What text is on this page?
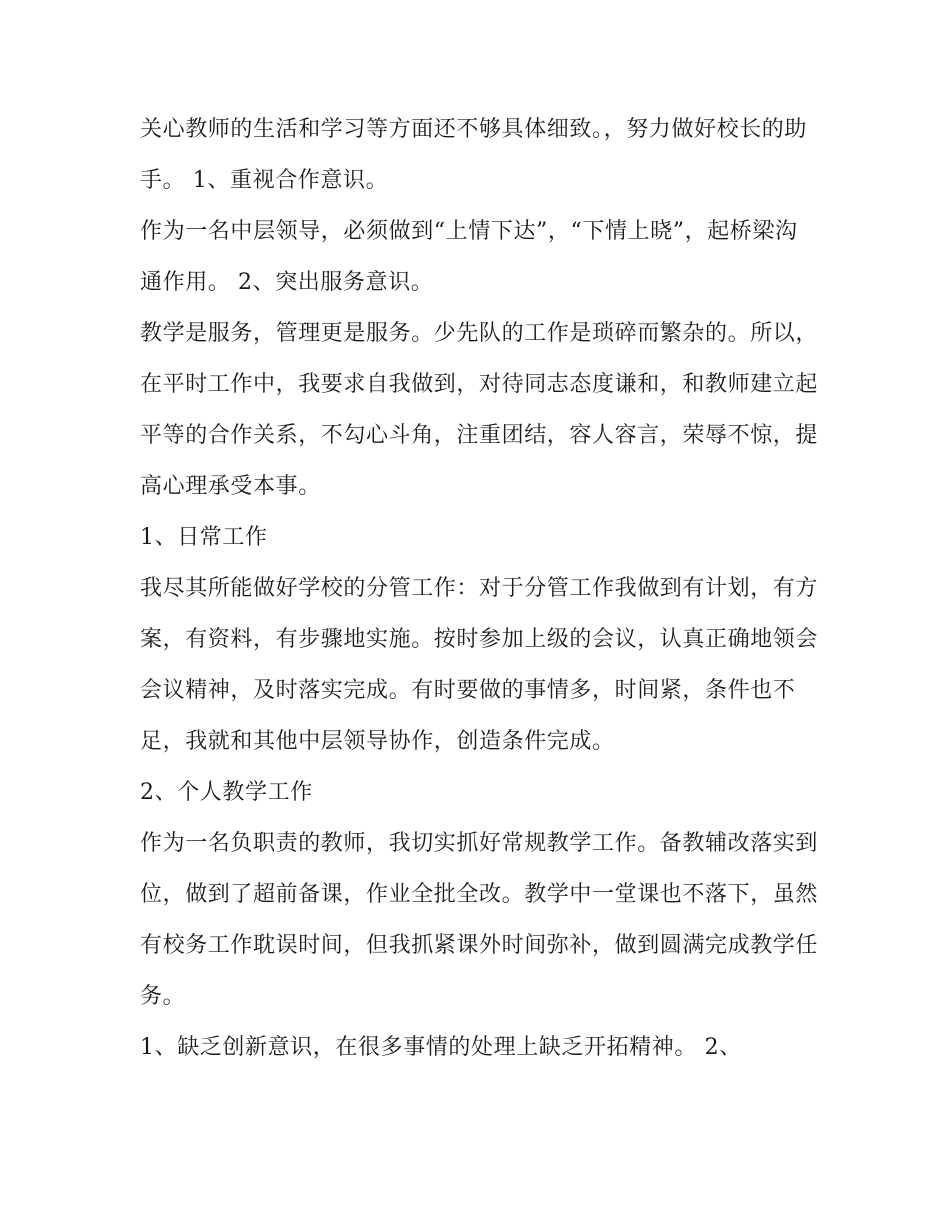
关心教师的生活和学习等方面还不够具体细致。，努力做好校长的助手。 1、重视合作意识。

作为一名中层领导，必须做到“上情下达”，“下情上晓”，起桥梁沟通作用。 2、突出服务意识。

教学是服务，管理更是服务。少先队的工作是琐碎而繁杂的。所以，在平时工作中，我要求自我做到，对待同志态度谦和，和教师建立起平等的合作关系，不勾心斗角，注重团结，容人容言，荣辱不惊，提高心理承受本事。

1、日常工作

我尽其所能做好学校的分管工作：对于分管工作我做到有计划，有方案，有资料，有步骤地实施。按时参加上级的会议，认真正确地领会会议精神，及时落实完成。有时要做的事情多，时间紧，条件也不足，我就和其他中层领导协作，创造条件完成。

2、个人教学工作

作为一名负职责的教师，我切实抓好常规教学工作。备教辅改落实到位，做到了超前备课，作业全批全改。教学中一堂课也不落下，虽然有校务工作耽误时间，但我抓紧课外时间弥补，做到圆满完成教学任务。

1、缺乏创新意识，在很多事情的处理上缺乏开拓精神。 2、
